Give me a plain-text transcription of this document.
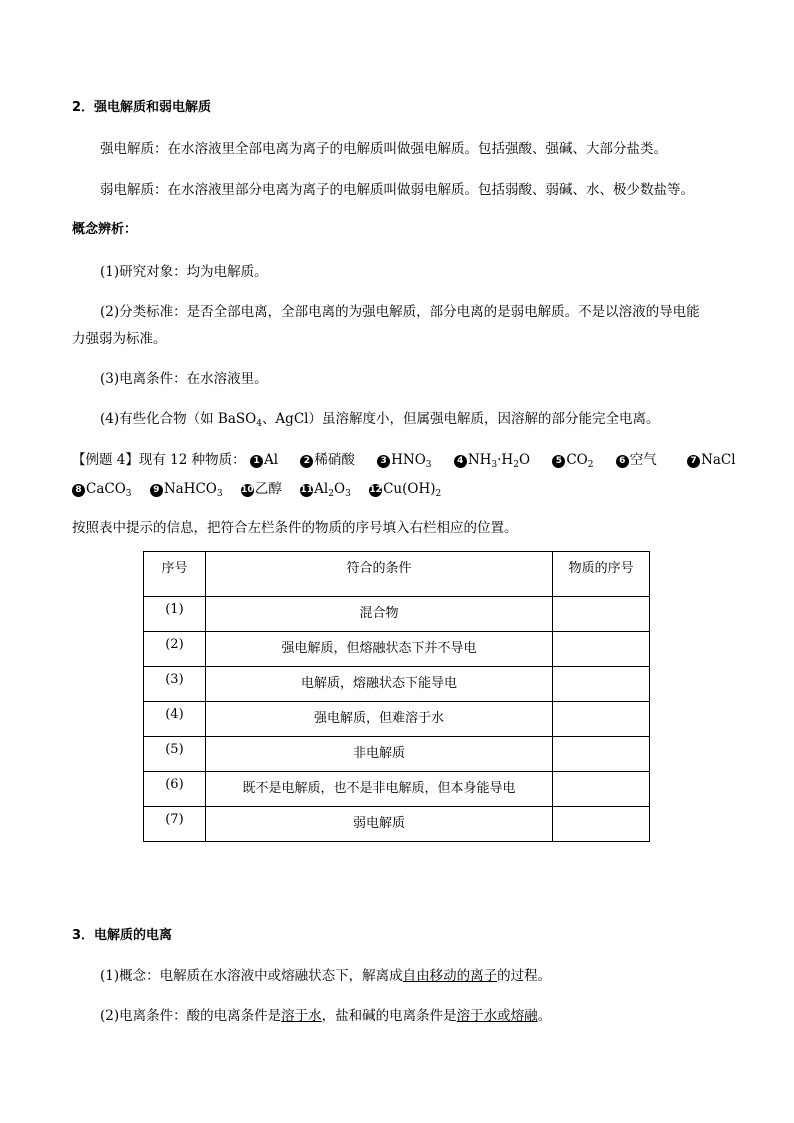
2．强电解质和弱电解质
强电解质：在水溶液里全部电离为离子的电解质叫做强电解质。包括强酸、强碱、大部分盐类。
弱电解质：在水溶液里部分电离为离子的电解质叫做弱电解质。包括弱酸、弱碱、水、极少数盐等。
概念辨析：
(1)研究对象：均为电解质。
(2)分类标准：是否全部电离，全部电离的为强电解质，部分电离的是弱电解质。不是以溶液的导电能
力强弱为标准。
(3)电离条件：在水溶液里。
(4)有些化合物（如 BaSO$_4$、AgCl）虽溶解度小，但属强电解质，因溶解的部分能完全电离。
【例题 4】现有 12 种物质： 1 Al	2 稀硝酸	3 $HNO_3$	4 $NH_3\cdot H_2O$	5 $CO_2$	6 空气	7 NaCl
8 CaCO$_3$ 9 NaHCO$_3$ 10乙醇 $11Al_2O_3$ $12Cu(OH)_2$
按照表中提示的信息，把符合左栏条件的物质的序号填入右栏相应的位置。
序号	符合的条件	物质的序号
(1)	混合物	
(2)	强电解质，但熔融状态下并不导电	
(3)	电解质，熔融状态下能导电	
(4)	强电解质，但难溶于水	
(5)	非电解质	
(6)	既不是电解质，也不是非电解质，但本身能导电	
(7)	弱电解质	
3．电解质的电离
(1)概念：电解质在水溶液中或熔融状态下，解离成自由移动的离子的过程。
(2)电离条件：酸的电离条件是溶于水，盐和碱的电离条件是溶于水或熔融。
